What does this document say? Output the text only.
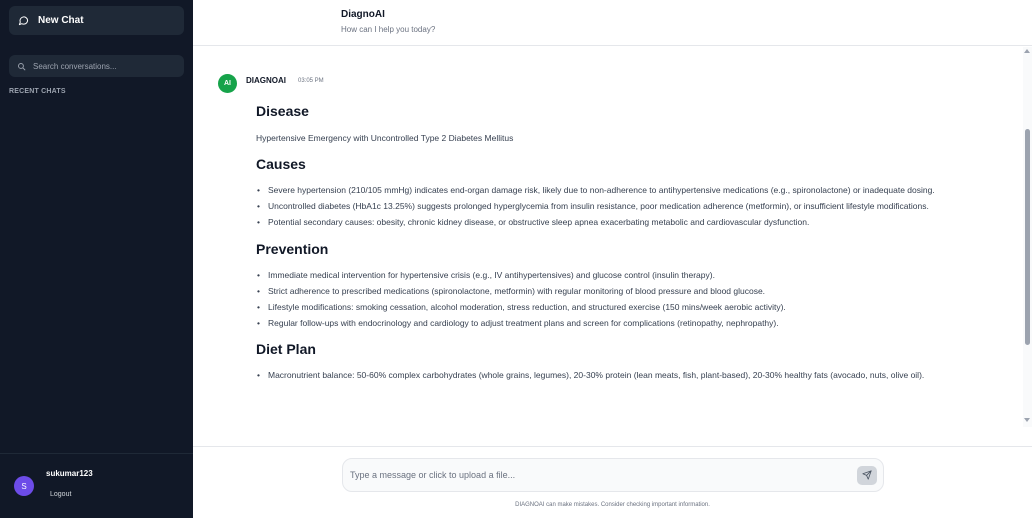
New Chat
Search conversations...
RECENT CHATS
S
sukumar123
Logout
DiagnoAI
How can I help you today?
AI	DIAGNOAI 03:05 PM
Disease

Hypertensive Emergency with Uncontrolled Type 2 Diabetes Mellitus

Causes
• Severe hypertension (210/105 mmHg) indicates end-organ damage risk, likely due to non-adherence to antihypertensive medications (e.g., spironolactone) or inadequate dosing.
• Uncontrolled diabetes (HbA1c 13.25%) suggests prolonged hyperglycemia from insulin resistance, poor medication adherence (metformin), or insufficient lifestyle modifications.
• Potential secondary causes: obesity, chronic kidney disease, or obstructive sleep apnea exacerbating metabolic and cardiovascular dysfunction.
Prevention
• Immediate medical intervention for hypertensive crisis (e.g., IV antihypertensives) and glucose control (insulin therapy).
• Strict adherence to prescribed medications (spironolactone, metformin) with regular monitoring of blood pressure and blood glucose.
• Lifestyle modifications: smoking cessation, alcohol moderation, stress reduction, and structured exercise (150 mins/week aerobic activity).
• Regular follow-ups with endocrinology and cardiology to adjust treatment plans and screen for complications (retinopathy, nephropathy).
Diet Plan
• Macronutrient balance: 50-60% complex carbohydrates (whole grains, legumes), 20-30% protein (lean meats, fish, plant-based), 20-30% healthy fats (avocado, nuts, olive oil).
Type a message or click to upload a file...
DIAGNOAI can make mistakes. Consider checking important information.
